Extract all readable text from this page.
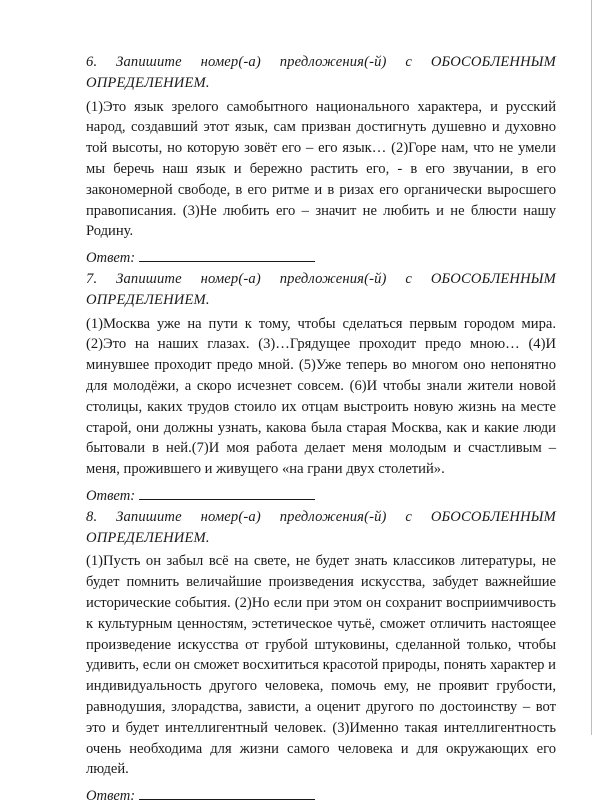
6. Запишите номер(-а) предложения(-й) с ОБОСОБЛЕННЫМ ОПРЕДЕЛЕНИЕМ.
(1)Это язык зрелого самобытного национального характера, и русский народ, создавший этот язык, сам призван достигнуть душевно и духовно той высоты, но которую зовёт его – его язык… (2)Горе нам, что не умели мы беречь наш язык и бережно растить его, - в его звучании, в его закономерной свободе, в его ритме и в ризах его органически выросшего правописания. (3)Не любить его – значит не любить и не блюсти нашу Родину.
Ответ:
7. Запишите номер(-а) предложения(-й) с ОБОСОБЛЕННЫМ ОПРЕДЕЛЕНИЕМ.
(1)Москва уже на пути к тому, чтобы сделаться первым городом мира. (2)Это на наших глазах. (3)…Грядущее проходит предо мною… (4)И минувшее проходит предо мной. (5)Уже теперь во многом оно непонятно для молодёжи, а скоро исчезнет совсем. (6)И чтобы знали жители новой столицы, каких трудов стоило их отцам выстроить новую жизнь на месте старой, они должны узнать, какова была старая Москва, как и какие люди бытовали в ней.(7)И моя работа делает меня молодым и счастливым – меня, прожившего и живущего «на грани двух столетий».
Ответ:
8. Запишите номер(-а) предложения(-й) с ОБОСОБЛЕННЫМ ОПРЕДЕЛЕНИЕМ.
(1)Пусть он забыл всё на свете, не будет знать классиков литературы, не будет помнить величайшие произведения искусства, забудет важнейшие исторические события. (2)Но если при этом он сохранит восприимчивость к культурным ценностям, эстетическое чутьё, сможет отличить настоящее произведение искусства от грубой штуковины, сделанной только, чтобы удивить, если он сможет восхититься красотой природы, понять характер и индивидуальность другого человека, помочь ему, не проявит грубости, равнодушия, злорадства, зависти, а оценит другого по достоинству – вот это и будет интеллигентный человек. (3)Именно такая интеллигентность очень необходима для жизни самого человека и для окружающих его людей.
Ответ:
